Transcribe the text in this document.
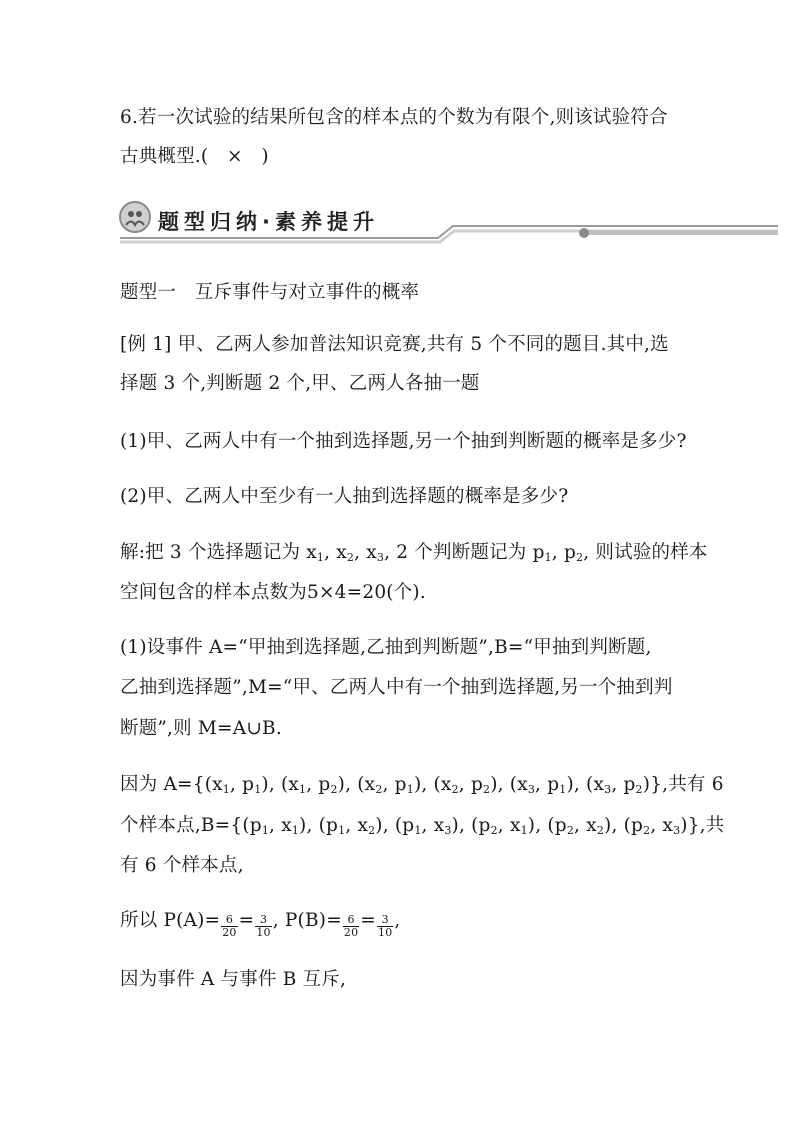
6.若一次试验的结果所包含的样本点的个数为有限个,则该试验符合
古典概型.(　×　)
题型归纳·素养提升
题型一　互斥事件与对立事件的概率
[例 1] 甲、乙两人参加普法知识竞赛,共有 5 个不同的题目.其中,选
择题 3 个,判断题 2 个,甲、乙两人各抽一题
(1)甲、乙两人中有一个抽到选择题,另一个抽到判断题的概率是多少?
(2)甲、乙两人中至少有一人抽到选择题的概率是多少?
解:把 3 个选择题记为 $x_1$, $x_2$, $x_3$, 2 个判断题记为 $p_1$, $p_2$, 则试验的样本
空间包含的样本点数为5×4=20(个).
(1)设事件 A=“甲抽到选择题,乙抽到判断题”,B=“甲抽到判断题,
乙抽到选择题”,M=“甲、乙两人中有一个抽到选择题,另一个抽到判
断题”,则 M=A∪B.
因为 $A=\{(x_1$, $p_1$), ($x_1$, $p_2$), ($x_2$, $p_1$), ($x_2$, $p_2$), ($x_3$, $p_1$), ($x_3$, $p_2$)},共有 6
个样本点$,B=\{(p_1$, $x_1$), ($p_1$, $x_2$), ($p_1$, $x_3$), ($p_2$, $x_1$), ($p_2$, $x_2$), ($p_2$, $x_3$)},共
有 6 个样本点,
所以 $P(A)= \frac{6}{20} = \frac{3}{10}$ , $P(B)= \frac{6}{20} = \frac{3}{10}$ ,
因为事件 A 与事件 B 互斥,
